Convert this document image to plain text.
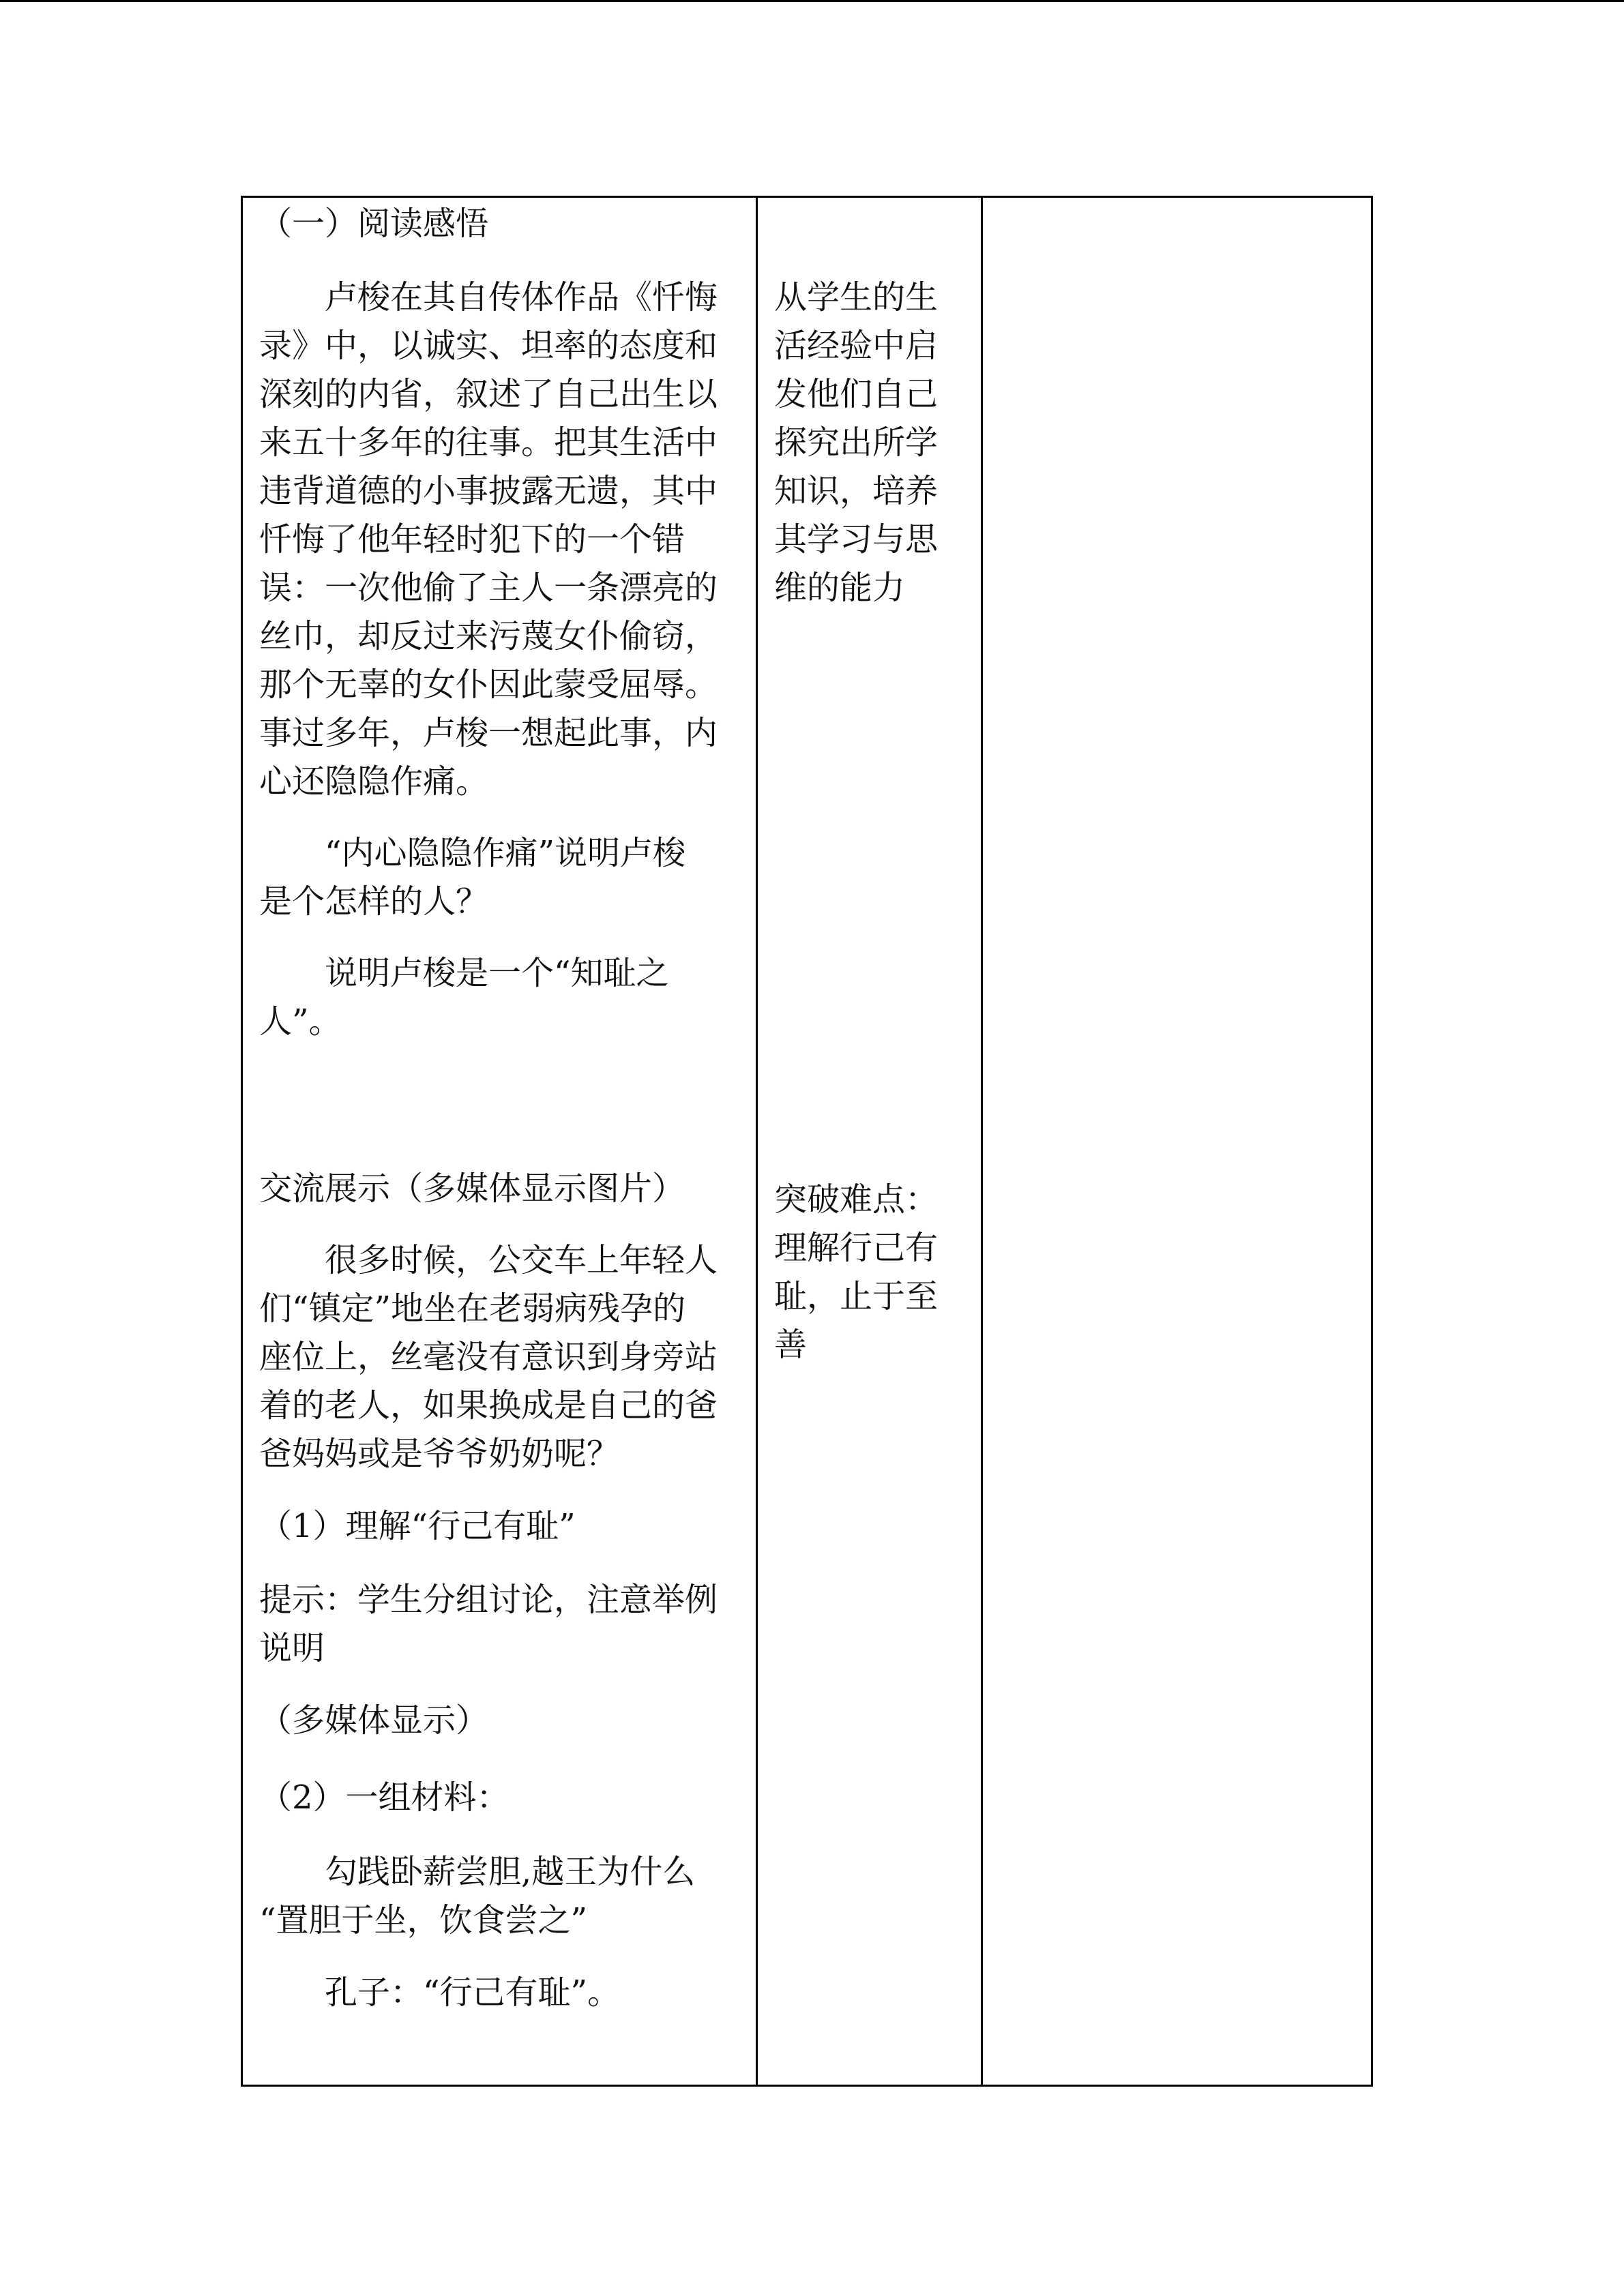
（一）阅读感悟
卢梭在其自传体作品《忏悔
录》中，以诚实、坦率的态度和
深刻的内省，叙述了自己出生以
来五十多年的往事。把其生活中
违背道德的小事披露无遗，其中
忏悔了他年轻时犯下的一个错
误：一次他偷了主人一条漂亮的
丝巾，却反过来污蔑女仆偷窃，
那个无辜的女仆因此蒙受屈辱。
事过多年，卢梭一想起此事，内
心还隐隐作痛。
“内心隐隐作痛”说明卢梭
是个怎样的人？
说明卢梭是一个“知耻之
人”。
交流展示（多媒体显示图片）
很多时候，公交车上年轻人
们“镇定”地坐在老弱病残孕的
座位上，丝毫没有意识到身旁站
着的老人，如果换成是自己的爸
爸妈妈或是爷爷奶奶呢？
（1）理解“行己有耻”
提示：学生分组讨论，注意举例
说明
（多媒体显示）
（2）一组材料：
勾践卧薪尝胆,越王为什么
“置胆于坐，饮食尝之”
孔子：“行己有耻”。
从学生的生
活经验中启
发他们自己
探究出所学
知识，培养
其学习与思
维的能力
突破难点：
理解行己有
耻，止于至
善
